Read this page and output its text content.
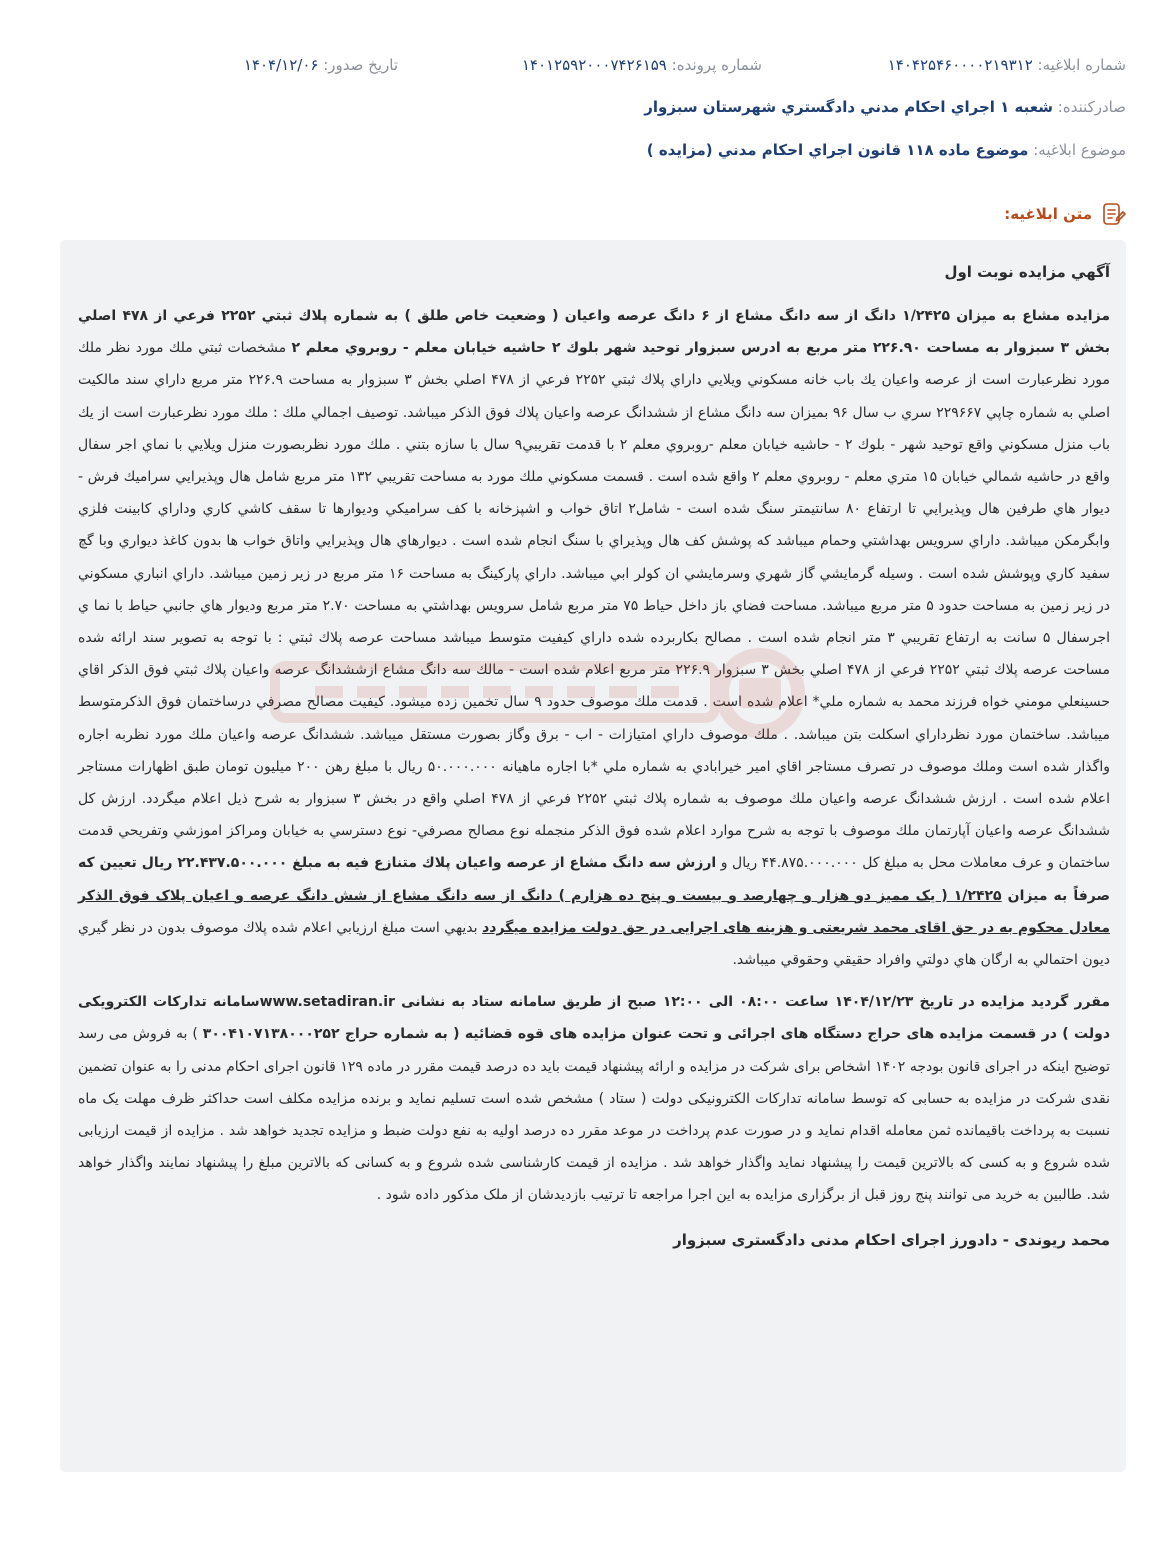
شماره ابلاغيه: ۱۴۰۴۲۵۴۶۰۰۰۰۲۱۹۳۱۲
شماره پرونده: ۱۴۰۱۲۵۹۲۰۰۰۷۴۲۶۱۵۹
تاريخ صدور: ۱۴۰۴/۱۲/۰۶
صادركننده: شعبه ۱ اجراي احكام مدني دادگستري شهرستان سبزوار
موضوع ابلاغيه: موضوع ماده ۱۱۸ قانون اجراي احكام مدني (مزايده )
متن ابلاغيه:
آگهي مزايده نوبت اول

مزايده مشاع به ميزان ۱/۲۴۲۵ دانگ از سه دانگ مشاع از ۶ دانگ عرصه واعيان ( وضعيت خاص طلق ) به شماره پلاك ثبتي ۲۲۵۲ فرعي از ۴۷۸ اصلي بخش ۳ سبزوار به مساحت ۲۲۶.۹۰ متر مربع به ادرس سبزوار توحيد شهر بلوك ۲ حاشيه خيابان معلم - روبروي معلم ۲ مشخصات ثبتي ملك مورد نظر ملك مورد نظرعبارت است از عرصه واعيان يك باب خانه مسكوني ويلايي داراي پلاك ثبتي ۲۲۵۲ فرعي از ۴۷۸ اصلي بخش ۳ سبزوار به مساحت ۲۲۶.۹ متر مربع داراي سند مالكيت اصلي به شماره چاپي ۲۲۹۶۶۷ سري ب سال ۹۶ بميزان سه دانگ مشاع از ششدانگ عرصه واعيان پلاك فوق الذكر ميباشد. توصيف اجمالي ملك : ملك مورد نظرعبارت است از يك باب منزل مسكوني واقع توحيد شهر - بلوك ۲ - حاشيه خيابان معلم -روبروي معلم ۲ با قدمت تقريبي۹ سال با سازه بتني . ملك مورد نظربصورت منزل ويلايي با نماي اجر سفال واقع در حاشيه شمالي خيابان ۱۵ متري معلم - روبروي معلم ۲ واقع شده است . قسمت مسكوني ملك مورد به مساحت تقريبي ۱۳۲ متر مربع شامل هال وپذيرايي سراميك فرش - ديوار هاي طرفين هال وپذيرايي تا ارتفاع ۸۰ سانتيمتر سنگ شده است - شامل۲ اتاق خواب و اشپزخانه با كف سراميكي وديوارها تا سقف كاشي كاري وداراي كابينت فلزي وابگرمكن ميباشد. داراي سرويس بهداشتي وحمام ميباشد كه پوشش كف هال وپذيراي با سنگ انجام شده است . ديوارهاي هال وپذيرايي واتاق خواب ها بدون كاغذ ديواري وبا گچ سفيد كاري وپوشش شده است . وسيله گرمايشي گاز شهري وسرمايشي ان كولر ابي ميباشد. داراي پاركينگ به مساحت ۱۶ متر مربع در زير زمين ميباشد. داراي انباري مسكوني در زير زمين به مساحت حدود ۵ متر مربع ميباشد. مساحت فضاي باز داخل حياط ۷۵ متر مربع شامل سرويس بهداشتي به مساحت ۲.۷۰ متر مربع وديوار هاي جانبي حياط با نما ي اجرسفال ۵ سانت به ارتفاع تقريبي ۳ متر انجام شده است . مصالح بكاربرده شده داراي كيفيت متوسط ميباشد مساحت عرصه پلاك ثبتي : با توجه به تصوير سند ارائه شده مساحت عرصه پلاك ثبتي ۲۲۵۲ فرعي از ۴۷۸ اصلي بخش ۳ سبزوار ۲۲۶.۹ متر مربع اعلام شده است - مالك سه دانگ مشاع ازششدانگ عرصه واعيان پلاك ثبتي فوق الذكر اقاي حسينعلي مومني خواه فرزند محمد به شماره ملي* اعلام شده است . قدمت ملك موصوف حدود ۹ سال تخمين زده ميشود. كيفيت مصالح مصرفي درساختمان فوق الذكرمتوسط ميباشد. ساختمان مورد نظرداراي اسكلت بتن ميباشد. . ملك موصوف داراي امتيازات - اب - برق وگاز بصورت مستقل ميباشد. ششدانگ عرصه واعيان ملك مورد نظربه اجاره واگذار شده است وملك موصوف در تصرف مستاجر اقاي امير خيرابادي به شماره ملي *با اجاره ماهيانه ۵۰.۰۰۰.۰۰۰ ريال با مبلغ رهن ۲۰۰ ميليون تومان طبق اظهارات مستاجر اعلام شده است . ارزش ششدانگ عرصه واعيان ملك موصوف به شماره پلاك ثبتي ۲۲۵۲ فرعي از ۴۷۸ اصلي واقع در بخش ۳ سبزوار به شرح ذيل اعلام ميگردد. ارزش كل ششدانگ عرصه واعيان آپارتمان ملك موصوف با توجه به شرح موارد اعلام شده فوق الذكر منجمله نوع مصالح مصرفي- نوع دسترسي به خيابان ومراكز اموزشي وتفريحي قدمت ساختمان و عرف معاملات محل به مبلغ كل ۴۴.۸۷۵.۰۰۰.۰۰۰ ريال و ارزش سه دانگ مشاع از عرصه واعيان پلاك متنازع فيه به مبلغ ۲۲.۴۳۷.۵۰۰.۰۰۰ ريال تعيين كه صرفاً به ميزان ۱/۲۴۲۵ ( يک مميز دو هزار و چهارصد و بيست و پنج ده هزارم ) دانگ از سه دانگ مشاع از شش دانگ عرصه و اعيان پلاک فوق الذکر معادل محکوم به در حق اقای محمد شریعتی و هزینه های اجرایی در حق دولت مزایده میگردد بديهي است مبلغ ارزيابي اعلام شده پلاك موصوف بدون در نظر گيري ديون احتمالي به ارگان هاي دولتي وافراد حقيقي وحقوقي ميباشد.

مقرر گرديد مزايده در تاريخ ۱۴۰۴/۱۲/۲۳ ساعت ۰۸:۰۰ الی ۱۲:۰۰ صبح از طريق سامانه ستاد به نشانی www.setadiran.irسامانه تدارکات الکترويکی دولت ) در قسمت مزايده های حراج دستگاه های اجرائی و تحت عنوان مزایده های قوه قضائیه ( به شماره حراج ۳۰۰۴۱۰۷۱۳۸۰۰۰۲۵۲ ) به فروش می رسد توضیح اینکه در اجرای قانون بودجه ۱۴۰۲ اشخاص برای شرکت در مزایده و ارائه پیشنهاد قیمت باید ده درصد قیمت مقرر در ماده ۱۲۹ قانون اجرای احکام مدنی را به عنوان تضمین نقدی شرکت در مزایده به حسابی که توسط سامانه تدارکات الکترونیکی دولت ( ستاد ) مشخص شده است تسلیم نماید و برنده مزایده مکلف است حداکثر ظرف مهلت یک ماه نسبت به پرداخت باقیمانده ثمن معامله اقدام نماید و در صورت عدم پرداخت در موعد مقرر ده درصد اولیه به نفع دولت ضبط و مزایده تجدید خواهد شد . مزایده از قیمت ارزیابی شده شروع و به کسی که بالاترین قیمت را پیشنهاد نماید واگذار خواهد شد . مزایده از قیمت کارشناسی شده شروع و به کسانی که بالاترین مبلغ را پیشنهاد نمایند واگذار خواهد شد. طالبین به خرید می توانند پنج روز قبل از برگزاری مزایده به این اجرا مراجعه تا ترتیب بازدیدشان از ملک مذکور داده شود .

محمد ريوندی - دادورز اجرای احکام مدنی دادگستری سبزوار
